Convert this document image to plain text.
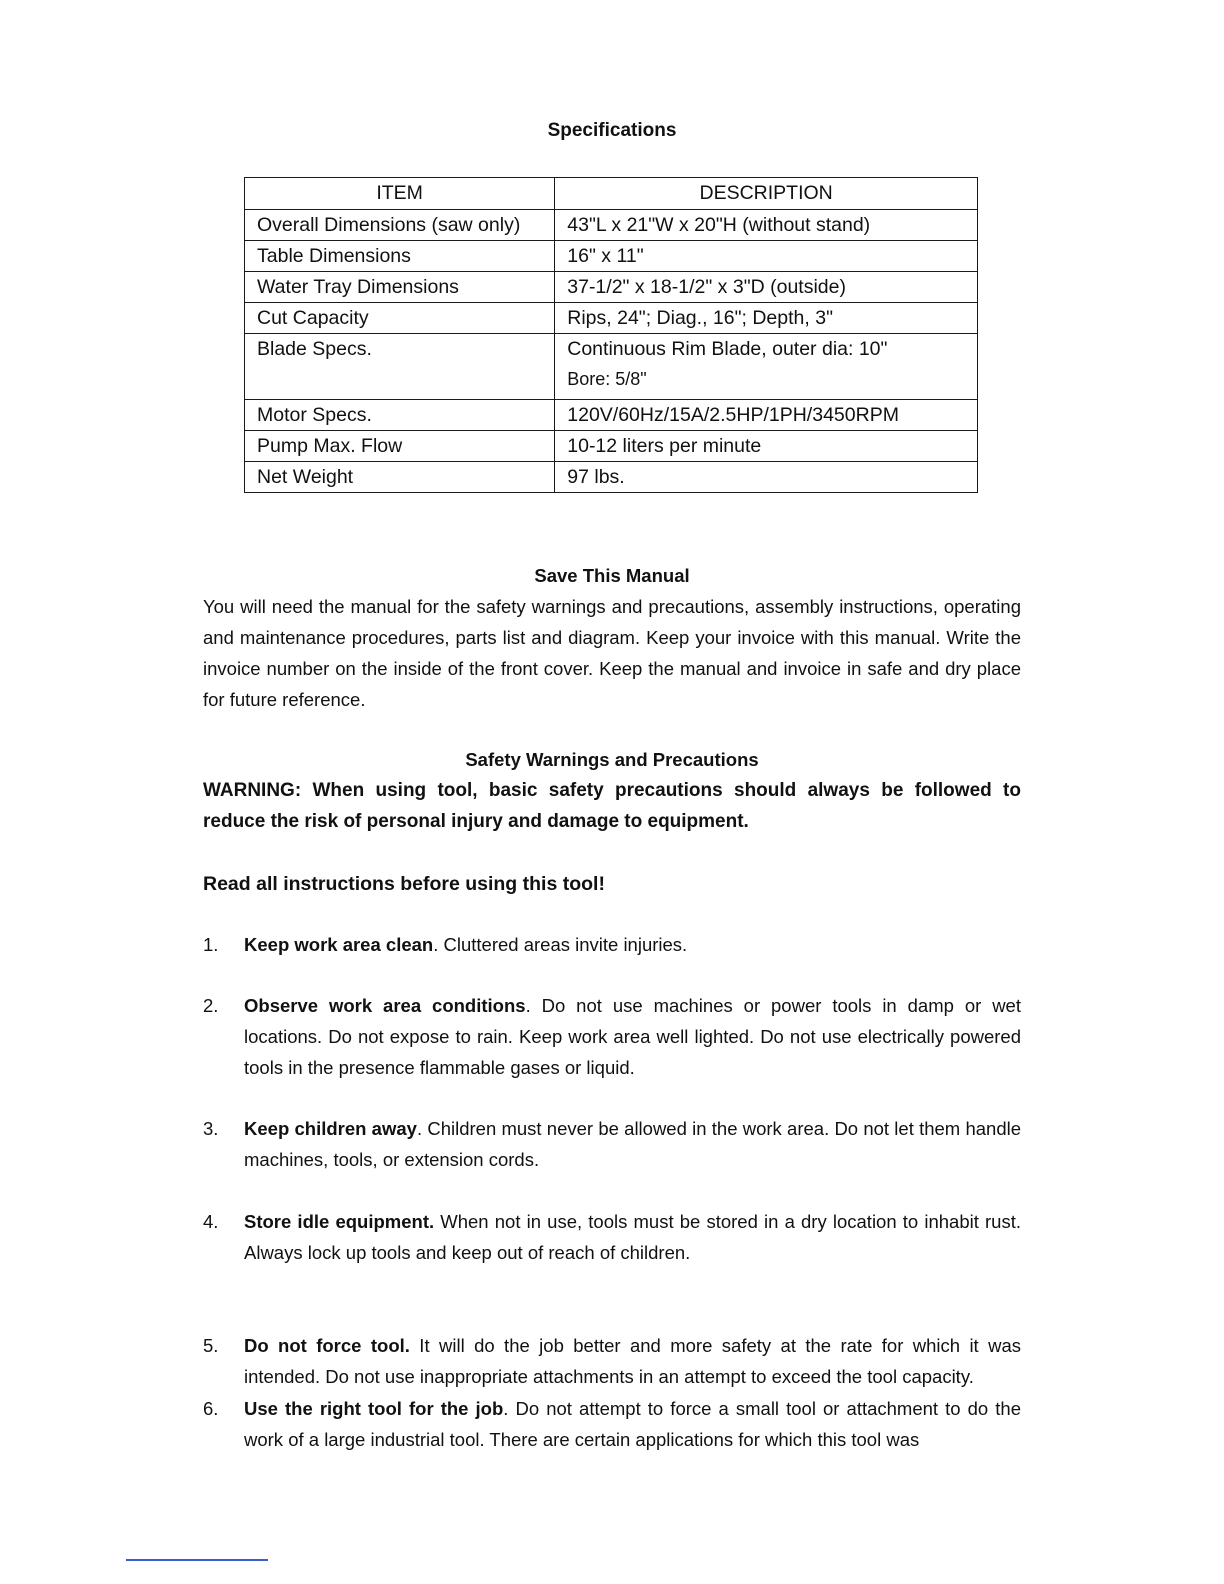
Specifications
ITEM	DESCRIPTION
Overall Dimensions (saw only)	43"L x 21"W x 20"H (without stand)
Table Dimensions	16" x 11"
Water Tray Dimensions	37-1/2" x 18-1/2" x 3"D (outside)
Cut Capacity	Rips, 24"; Diag., 16"; Depth, 3"
Blade Specs.	Continuous Rim Blade, outer dia: 10"
Bore: 5/8"

Motor Specs.	120V/60Hz/15A/2.5HP/1PH/3450RPM
Pump Max. Flow	10-12 liters per minute
Net Weight	97 lbs.
Save This Manual
You will need the manual for the safety warnings and precautions, assembly instructions, operating and maintenance procedures, parts list and diagram. Keep your invoice with this manual. Write the invoice number on the inside of the front cover. Keep the manual and invoice in safe and dry place for future reference.
Safety Warnings and Precautions
WARNING: When using tool, basic safety precautions should always be followed to reduce the risk of personal injury and damage to equipment.
Read all instructions before using this tool!
1.	Keep work area clean. Cluttered areas invite injuries.
2.	Observe work area conditions. Do not use machines or power tools in damp or wet locations. Do not expose to rain. Keep work area well lighted. Do not use electrically powered tools in the presence flammable gases or liquid.
3.	Keep children away. Children must never be allowed in the work area. Do not let them handle machines, tools, or extension cords.
4.	Store idle equipment. When not in use, tools must be stored in a dry location to inhabit rust. Always lock up tools and keep out of reach of children.
5.	Do not force tool. It will do the job better and more safety at the rate for which it was intended. Do not use inappropriate attachments in an attempt to exceed the tool capacity.
6.	Use the right tool for the job. Do not attempt to force a small tool or attachment to do the work of a large industrial tool. There are certain applications for which this tool was
